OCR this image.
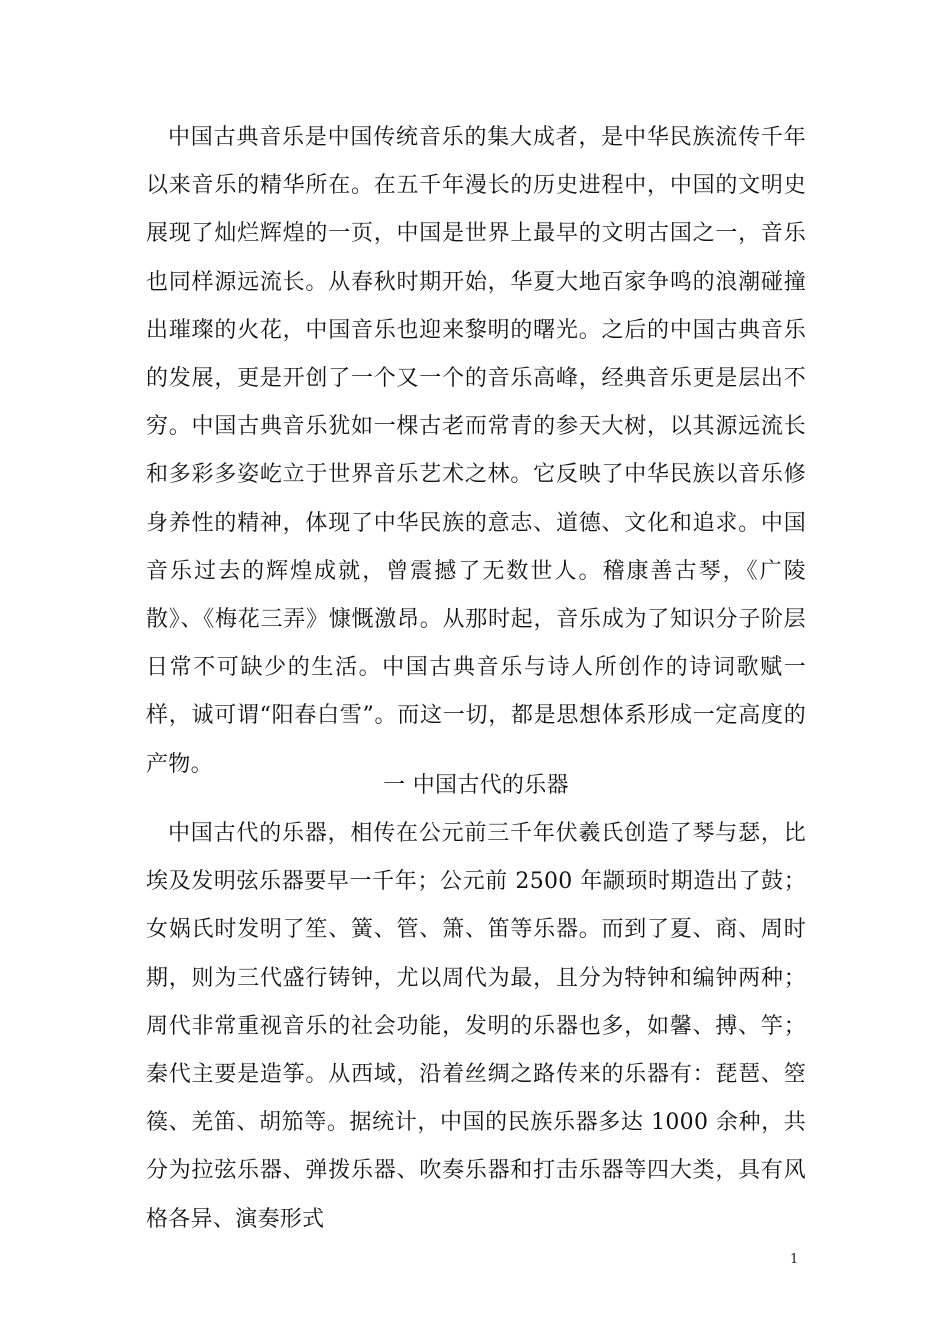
中国古典音乐是中国传统音乐的集大成者，是中华民族流传千年以来音乐的精华所在。在五千年漫长的历史进程中，中国的文明史展现了灿烂辉煌的一页，中国是世界上最早的文明古国之一，音乐也同样源远流长。从春秋时期开始，华夏大地百家争鸣的浪潮碰撞出璀璨的火花，中国音乐也迎来黎明的曙光。之后的中国古典音乐的发展，更是开创了一个又一个的音乐高峰，经典音乐更是层出不穷。中国古典音乐犹如一棵古老而常青的参天大树，以其源远流长和多彩多姿屹立于世界音乐艺术之林。它反映了中华民族以音乐修身养性的精神，体现了中华民族的意志、道德、文化和追求。中国音乐过去的辉煌成就，曾震撼了无数世人。稽康善古琴，《广陵散》、《梅花三弄》慷慨激昂。从那时起，音乐成为了知识分子阶层日常不可缺少的生活。中国古典音乐与诗人所创作的诗词歌赋一样，诚可谓“阳春白雪”。而这一切，都是思想体系形成一定高度的产物。

一 中国古代的乐器

中国古代的乐器，相传在公元前三千年伏羲氏创造了琴与瑟，比埃及发明弦乐器要早一千年；公元前 2500 年颛顼时期造出了鼓；女娲氏时发明了笙、簧、管、箫、笛等乐器。而到了夏、商、周时期，则为三代盛行铸钟，尤以周代为最，且分为特钟和编钟两种；周代非常重视音乐的社会功能，发明的乐器也多，如馨、搏、竽；秦代主要是造筝。从西域，沿着丝绸之路传来的乐器有：琵琶、箜篌、羌笛、胡笳等。据统计，中国的民族乐器多达 1000 余种，共分为拉弦乐器、弹拨乐器、吹奏乐器和打击乐器等四大类，具有风格各异、演奏形式

1
